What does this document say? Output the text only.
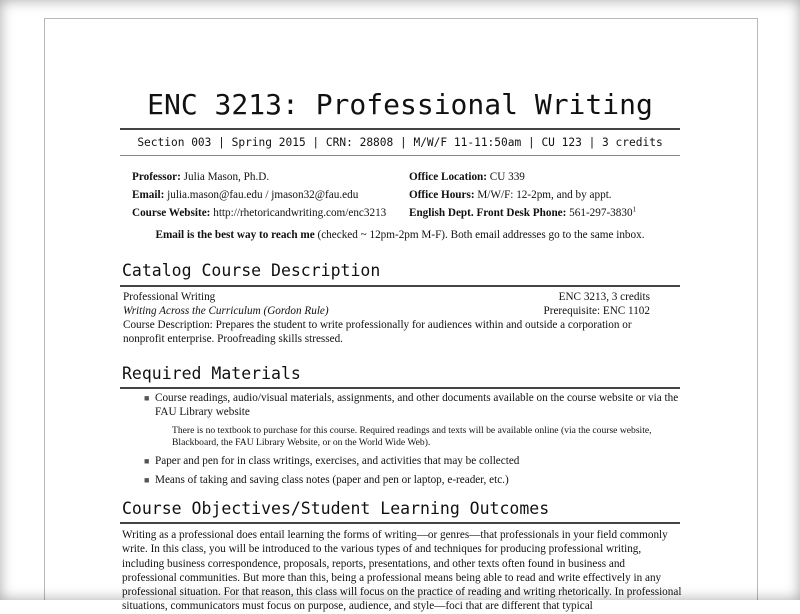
ENC 3213: Professional Writing
Section 003 | Spring 2015 | CRN: 28808 | M/W/F 11-11:50am | CU 123 | 3 credits
Professor: Julia Mason, Ph.D.
Email: julia.mason@fau.edu / jmason32@fau.edu
Course Website: http://rhetoricandwriting.com/enc3213
Office Location: CU 339
Office Hours: M/W/F: 12-2pm, and by appt.
English Dept. Front Desk Phone: 561-297-3830$^1$
Email is the best way to reach me (checked ~ 12pm-2pm M-F). Both email addresses go to the same inbox.
Catalog Course Description
Professional Writing	ENC 3213, 3 credits
Writing Across the Curriculum (Gordon Rule)	Prerequisite: ENC 1102
Course Description: Prepares the student to write professionally for audiences within and outside a corporation or nonprofit enterprise. Proofreading skills stressed.
Required Materials
■ Course readings, audio/visual materials, assignments, and other documents available on the course website or via the FAU Library website
There is no textbook to purchase for this course. Required readings and texts will be available online (via the course website, Blackboard, the FAU Library Website, or on the World Wide Web).
■ Paper and pen for in class writings, exercises, and activities that may be collected
■ Means of taking and saving class notes (paper and pen or laptop, e-reader, etc.)
Course Objectives/Student Learning Outcomes
Writing as a professional does entail learning the forms of writing—or genres—that professionals in your field commonly write. In this class, you will be introduced to the various types of and techniques for producing professional writing, including business correspondence, proposals, reports, presentations, and other texts often found in business and professional communities. But more than this, being a professional means being able to read and write effectively in any professional situation. For that reason, this class will focus on the practice of reading and writing rhetorically. In professional situations, communicators must focus on purpose, audience, and style—foci that are different that typical
